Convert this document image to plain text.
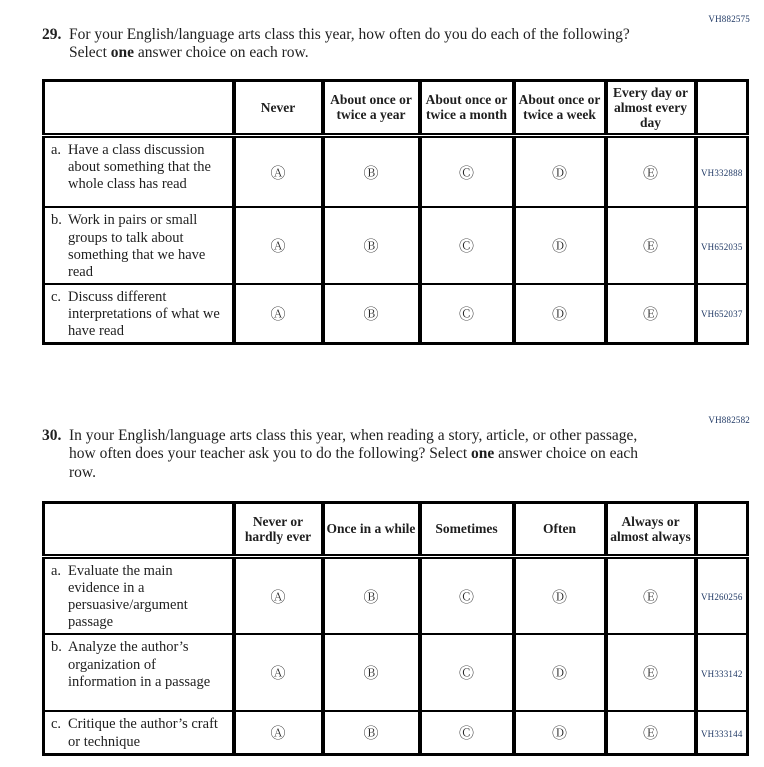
VH882575
29. For your English/language arts class this year, how often do you do each of the following? Select one answer choice on each row.

	Never	About once or twice a year	About once or twice a month	About once or twice a week	Every day or almost every day	

a. Have a class discussion about something that the whole class has read	Ⓐ	Ⓑ	Ⓒ	Ⓓ	Ⓔ	VH332888

b. Work in pairs or small groups to talk about something that we have read	Ⓐ	Ⓑ	Ⓒ	Ⓓ	Ⓔ	VH652035

c. Discuss different interpretations of what we have read	Ⓐ	Ⓑ	Ⓒ	Ⓓ	Ⓔ	VH652037
VH882582
30. In your English/language arts class this year, when reading a story, article, or other passage, how often does your teacher ask you to do the following? Select one answer choice on each row.

	Never or hardly ever	Once in a while	Sometimes	Often	Always or almost always	

a. Evaluate the main evidence in a persuasive/argument passage	Ⓐ	Ⓑ	Ⓒ	Ⓓ	Ⓔ	VH260256

b. Analyze the author’s organization of information in a passage	Ⓐ	Ⓑ	Ⓒ	Ⓓ	Ⓔ	VH333142

c. Critique the author’s craft or technique	Ⓐ	Ⓑ	Ⓒ	Ⓓ	Ⓔ	VH333144
